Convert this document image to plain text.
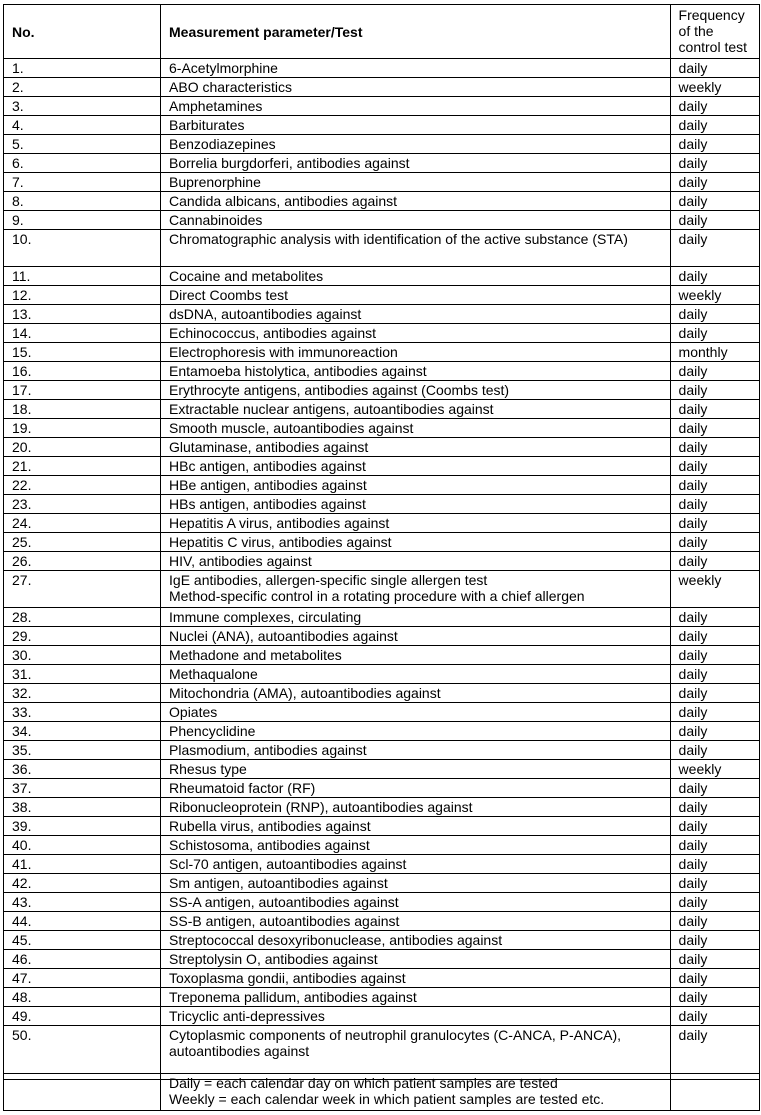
No.	Measurement parameter/Test	Frequency of the control test
1.	6-Acetylmorphine	daily
2.	ABO characteristics	weekly
3.	Amphetamines	daily
4.	Barbiturates	daily
5.	Benzodiazepines	daily
6.	Borrelia burgdorferi, antibodies against	daily
7.	Buprenorphine	daily
8.	Candida albicans, antibodies against	daily
9.	Cannabinoides	daily
10.	Chromatographic analysis with identification of the active substance (STA)	daily
11.	Cocaine and metabolites	daily
12.	Direct Coombs test	weekly
13.	dsDNA, autoantibodies against	daily
14.	Echinococcus, antibodies against	daily
15.	Electrophoresis with immunoreaction	monthly
16.	Entamoeba histolytica, antibodies against	daily
17.	Erythrocyte antigens, antibodies against (Coombs test)	daily
18.	Extractable nuclear antigens, autoantibodies against	daily
19.	Smooth muscle, autoantibodies against	daily
20.	Glutaminase, antibodies against	daily
21.	HBc antigen, antibodies against	daily
22.	HBe antigen, antibodies against	daily
23.	HBs antigen, antibodies against	daily
24.	Hepatitis A virus, antibodies against	daily
25.	Hepatitis C virus, antibodies against	daily
26.	HIV, antibodies against	daily
27.	IgE antibodies, allergen-specific single allergen test
Method-specific control in a rotating procedure with a chief allergen	weekly
28.	Immune complexes, circulating	daily
29.	Nuclei (ANA), autoantibodies against	daily
30.	Methadone and metabolites	daily
31.	Methaqualone	daily
32.	Mitochondria (AMA), autoantibodies against	daily
33.	Opiates	daily
34.	Phencyclidine	daily
35.	Plasmodium, antibodies against	daily
36.	Rhesus type	weekly
37.	Rheumatoid factor (RF)	daily
38.	Ribonucleoprotein (RNP), autoantibodies against	daily
39.	Rubella virus, antibodies against	daily
40.	Schistosoma, antibodies against	daily
41.	Scl-70 antigen, autoantibodies against	daily
42.	Sm antigen, autoantibodies against	daily
43.	SS-A antigen, autoantibodies against	daily
44.	SS-B antigen, autoantibodies against	daily
45.	Streptococcal desoxyribonuclease, antibodies against	daily
46.	Streptolysin O, antibodies against	daily
47.	Toxoplasma gondii, antibodies against	daily
48.	Treponema pallidum, antibodies against	daily
49.	Tricyclic anti-depressives	daily
50.	Cytoplasmic components of neutrophil granulocytes (C-ANCA, P-ANCA),
autoantibodies against	daily

Daily = each calendar day on which patient samples are tested
Weekly = each calendar week in which patient samples are tested etc.
